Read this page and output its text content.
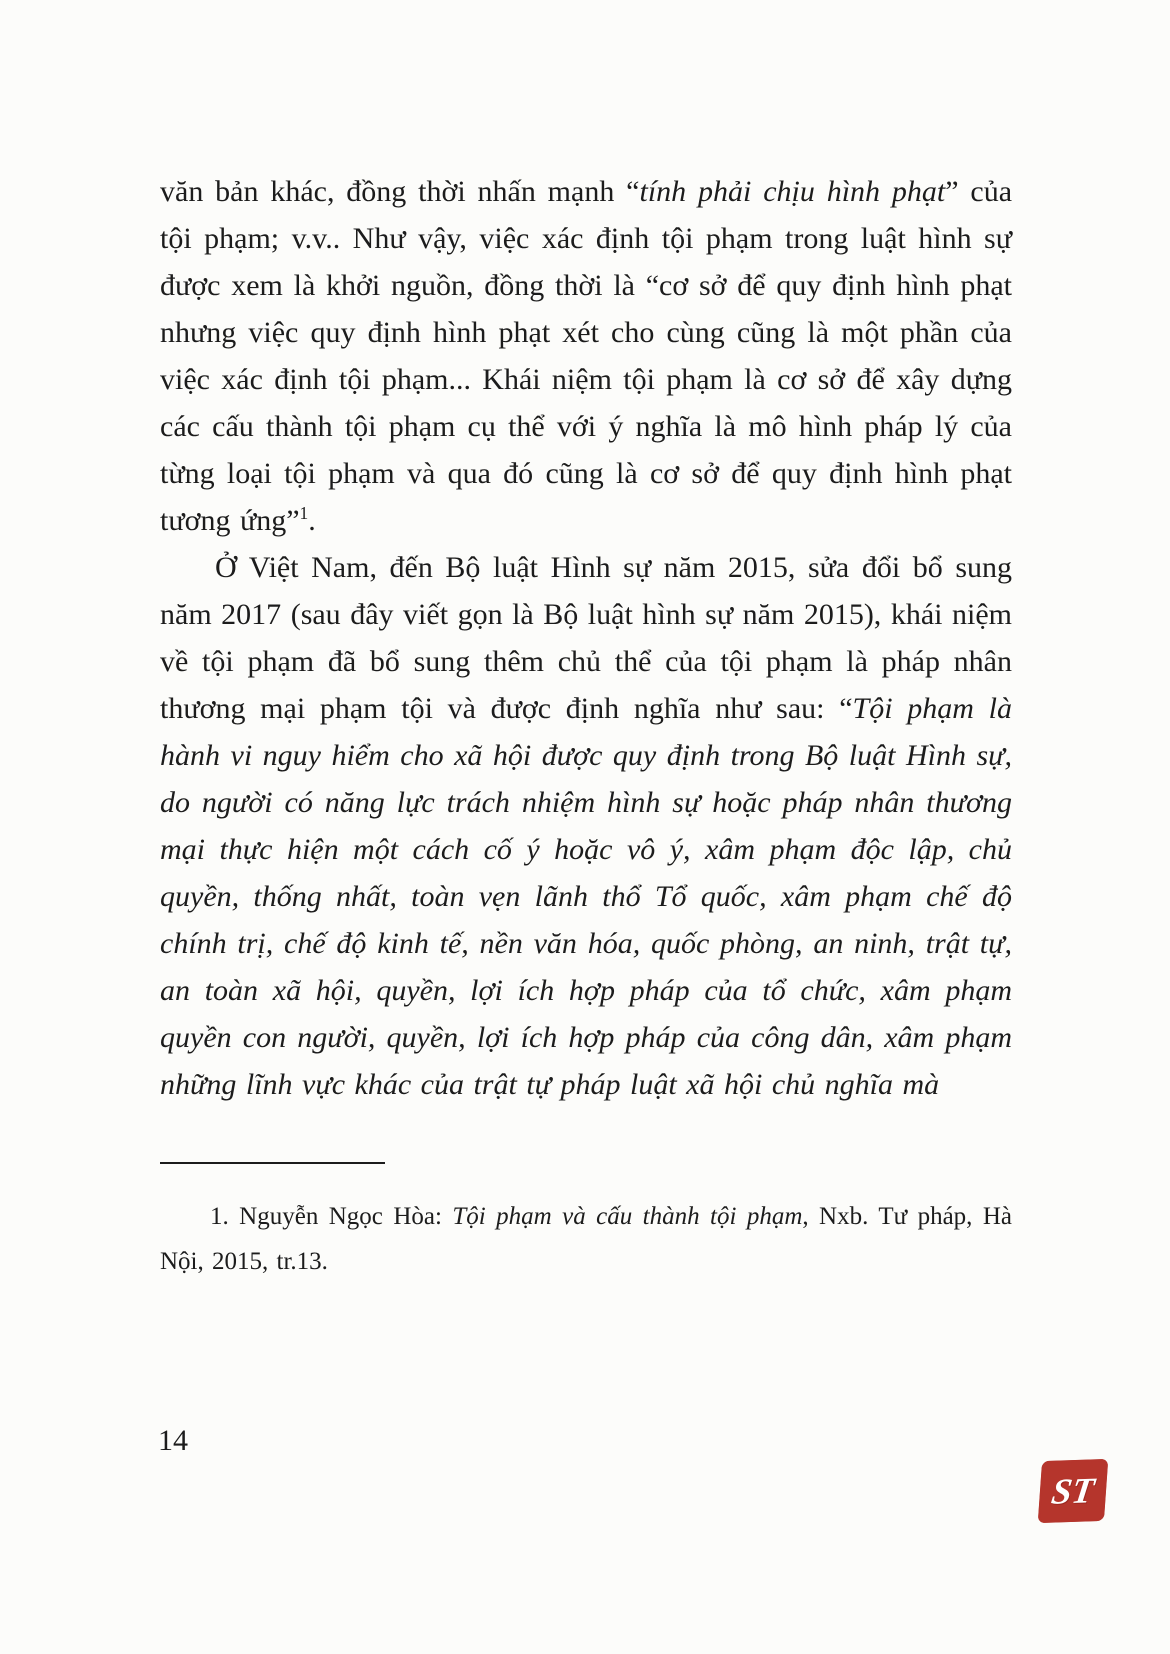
văn bản khác, đồng thời nhấn mạnh “tính phải chịu hình phạt” của tội phạm; v.v.. Như vậy, việc xác định tội phạm trong luật hình sự được xem là khởi nguồn, đồng thời là “cơ sở để quy định hình phạt nhưng việc quy định hình phạt xét cho cùng cũng là một phần của việc xác định tội phạm... Khái niệm tội phạm là cơ sở để xây dựng các cấu thành tội phạm cụ thể với ý nghĩa là mô hình pháp lý của từng loại tội phạm và qua đó cũng là cơ sở để quy định hình phạt tương ứng”$^1$.

Ở Việt Nam, đến Bộ luật Hình sự năm 2015, sửa đổi bổ sung năm 2017 (sau đây viết gọn là Bộ luật hình sự năm 2015), khái niệm về tội phạm đã bổ sung thêm chủ thể của tội phạm là pháp nhân thương mại phạm tội và được định nghĩa như sau: “Tội phạm là hành vi nguy hiểm cho xã hội được quy định trong Bộ luật Hình sự, do người có năng lực trách nhiệm hình sự hoặc pháp nhân thương mại thực hiện một cách cố ý hoặc vô ý, xâm phạm độc lập, chủ quyền, thống nhất, toàn vẹn lãnh thổ Tổ quốc, xâm phạm chế độ chính trị, chế độ kinh tế, nền văn hóa, quốc phòng, an ninh, trật tự, an toàn xã hội, quyền, lợi ích hợp pháp của tổ chức, xâm phạm quyền con người, quyền, lợi ích hợp pháp của công dân, xâm phạm những lĩnh vực khác của trật tự pháp luật xã hội chủ nghĩa mà

1. Nguyễn Ngọc Hòa: Tội phạm và cấu thành tội phạm, Nxb. Tư pháp, Hà Nội, 2015, tr.13.
14
ST
